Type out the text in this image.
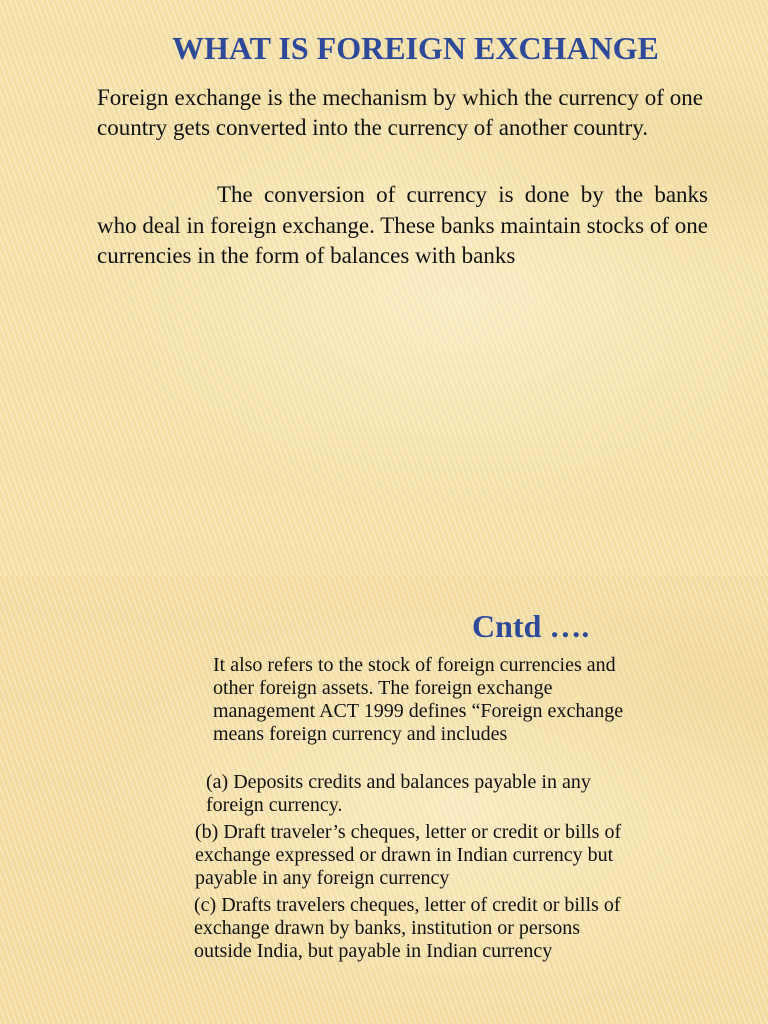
WHAT IS FOREIGN EXCHANGE

Foreign exchange is the mechanism by which the currency of one country gets converted into the currency of another country.

The conversion of currency is done by the banks who deal in foreign exchange. These banks maintain stocks of one currencies in the form of balances with banks

Cntd ….

It also refers to the stock of foreign currencies and other foreign assets. The foreign exchange management ACT 1999 defines “Foreign exchange means foreign currency and includes

(a) Deposits credits and balances payable in any foreign currency.

(b) Draft traveler’s cheques, letter or credit or bills of exchange expressed or drawn in Indian currency but payable in any foreign currency

(c) Drafts travelers cheques, letter of credit or bills of exchange drawn by banks, institution or persons outside India, but payable in Indian currency
